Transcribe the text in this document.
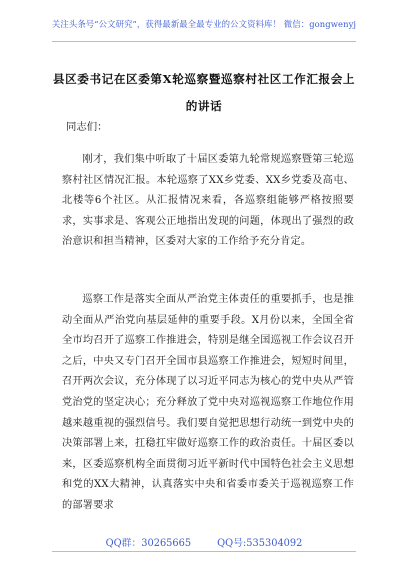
关注头条号“公文研究”，获得最新最全最专业的公文资料库！ 微信：gongwenyj
县区委书记在区委第X轮巡察暨巡察村社区工作汇报会上的讲话
同志们：

刚才，我们集中听取了十届区委第九轮常规巡察暨第三轮巡察村社区情况汇报。本轮巡察了XX乡党委、XX乡党委及高屯、北楼等6个社区。从汇报情况来看，各巡察组能够严格按照要求，实事求是、客观公正地指出发现的问题，体现出了强烈的政治意识和担当精神，区委对大家的工作给予充分肯定。

巡察工作是落实全面从严治党主体责任的重要抓手，也是推动全面从严治党向基层延伸的重要手段。X月份以来，全国全省全市均召开了巡察工作推进会，特别是继全国巡视工作会议召开之后，中央又专门召开全国市县巡察工作推进会，短短时间里，召开两次会议，充分体现了以习近平同志为核心的党中央从严管党治党的坚定决心；充分释放了党中央对巡视巡察工作地位作用越来越重视的强烈信号。我们要自觉把思想行动统一到党中央的决策部署上来，扛稳扛牢做好巡察工作的政治责任。十届区委以来，区委巡察机构全面贯彻习近平新时代中国特色社会主义思想和党的XX大精神，认真落实中央和省委市委关于巡视巡察工作的部署要求

QQ群：30265665	QQ号:535304092
